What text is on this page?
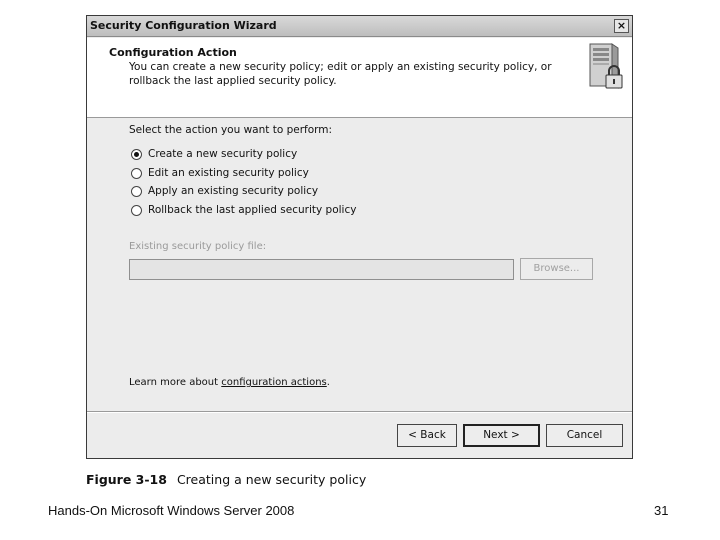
Security Configuration Wizard	×
Configuration Action
You can create a new security policy; edit or apply an existing security policy, or rollback the last applied security policy.
Select the action you want to perform:
Create a new security policy
Edit an existing security policy
Apply an existing security policy
Rollback the last applied security policy
Existing security policy file:
Browse...
Learn more about configuration actions.
< Back	Next >	Cancel
Figure 3-18 Creating a new security policy
Hands-On Microsoft Windows Server 2008	31
